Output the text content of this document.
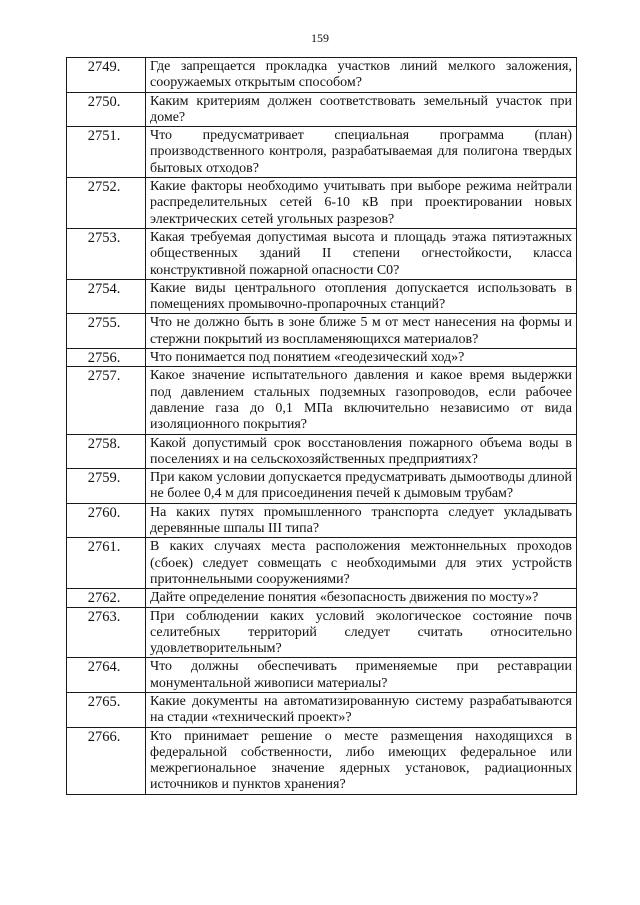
159
2749.	Где запрещается прокладка участков линий мелкого заложения, сооружаемых открытым способом?
2750.	Каким критериям должен соответствовать земельный участок при доме?
2751.	Что предусматривает специальная программа (план) производственного контроля, разрабатываемая для полигона твердых бытовых отходов?
2752.	Какие факторы необходимо учитывать при выборе режима нейтрали распределительных сетей 6-10 кВ при проектировании новых электрических сетей угольных разрезов?
2753.	Какая требуемая допустимая высота и площадь этажа пятиэтажных общественных зданий II степени огнестойкости, класса конструктивной пожарной опасности С0?
2754.	Какие виды центрального отопления допускается использовать в помещениях промывочно-пропарочных станций?
2755.	Что не должно быть в зоне ближе 5 м от мест нанесения на формы и стержни покрытий из воспламеняющихся материалов?
2756.	Что понимается под понятием «геодезический ход»?
2757.	Какое значение испытательного давления и какое время выдержки под давлением стальных подземных газопроводов, если рабочее давление газа до 0,1 МПа включительно независимо от вида изоляционного покрытия?
2758.	Какой допустимый срок восстановления пожарного объема воды в поселениях и на сельскохозяйственных предприятиях?
2759.	При каком условии допускается предусматривать дымоотводы длиной не более 0,4 м для присоединения печей к дымовым трубам?
2760.	На каких путях промышленного транспорта следует укладывать деревянные шпалы III типа?
2761.	В каких случаях места расположения межтоннельных проходов (сбоек) следует совмещать с необходимыми для этих устройств притоннельными сооружениями?
2762.	Дайте определение понятия «безопасность движения по мосту»?
2763.	При соблюдении каких условий экологическое состояние почв селитебных территорий следует считать относительно удовлетворительным?
2764.	Что должны обеспечивать применяемые при реставрации монументальной живописи материалы?
2765.	Какие документы на автоматизированную систему разрабатываются на стадии «технический проект»?
2766.	Кто принимает решение о месте размещения находящихся в федеральной собственности, либо имеющих федеральное или межрегиональное значение ядерных установок, радиационных источников и пунктов хранения?
